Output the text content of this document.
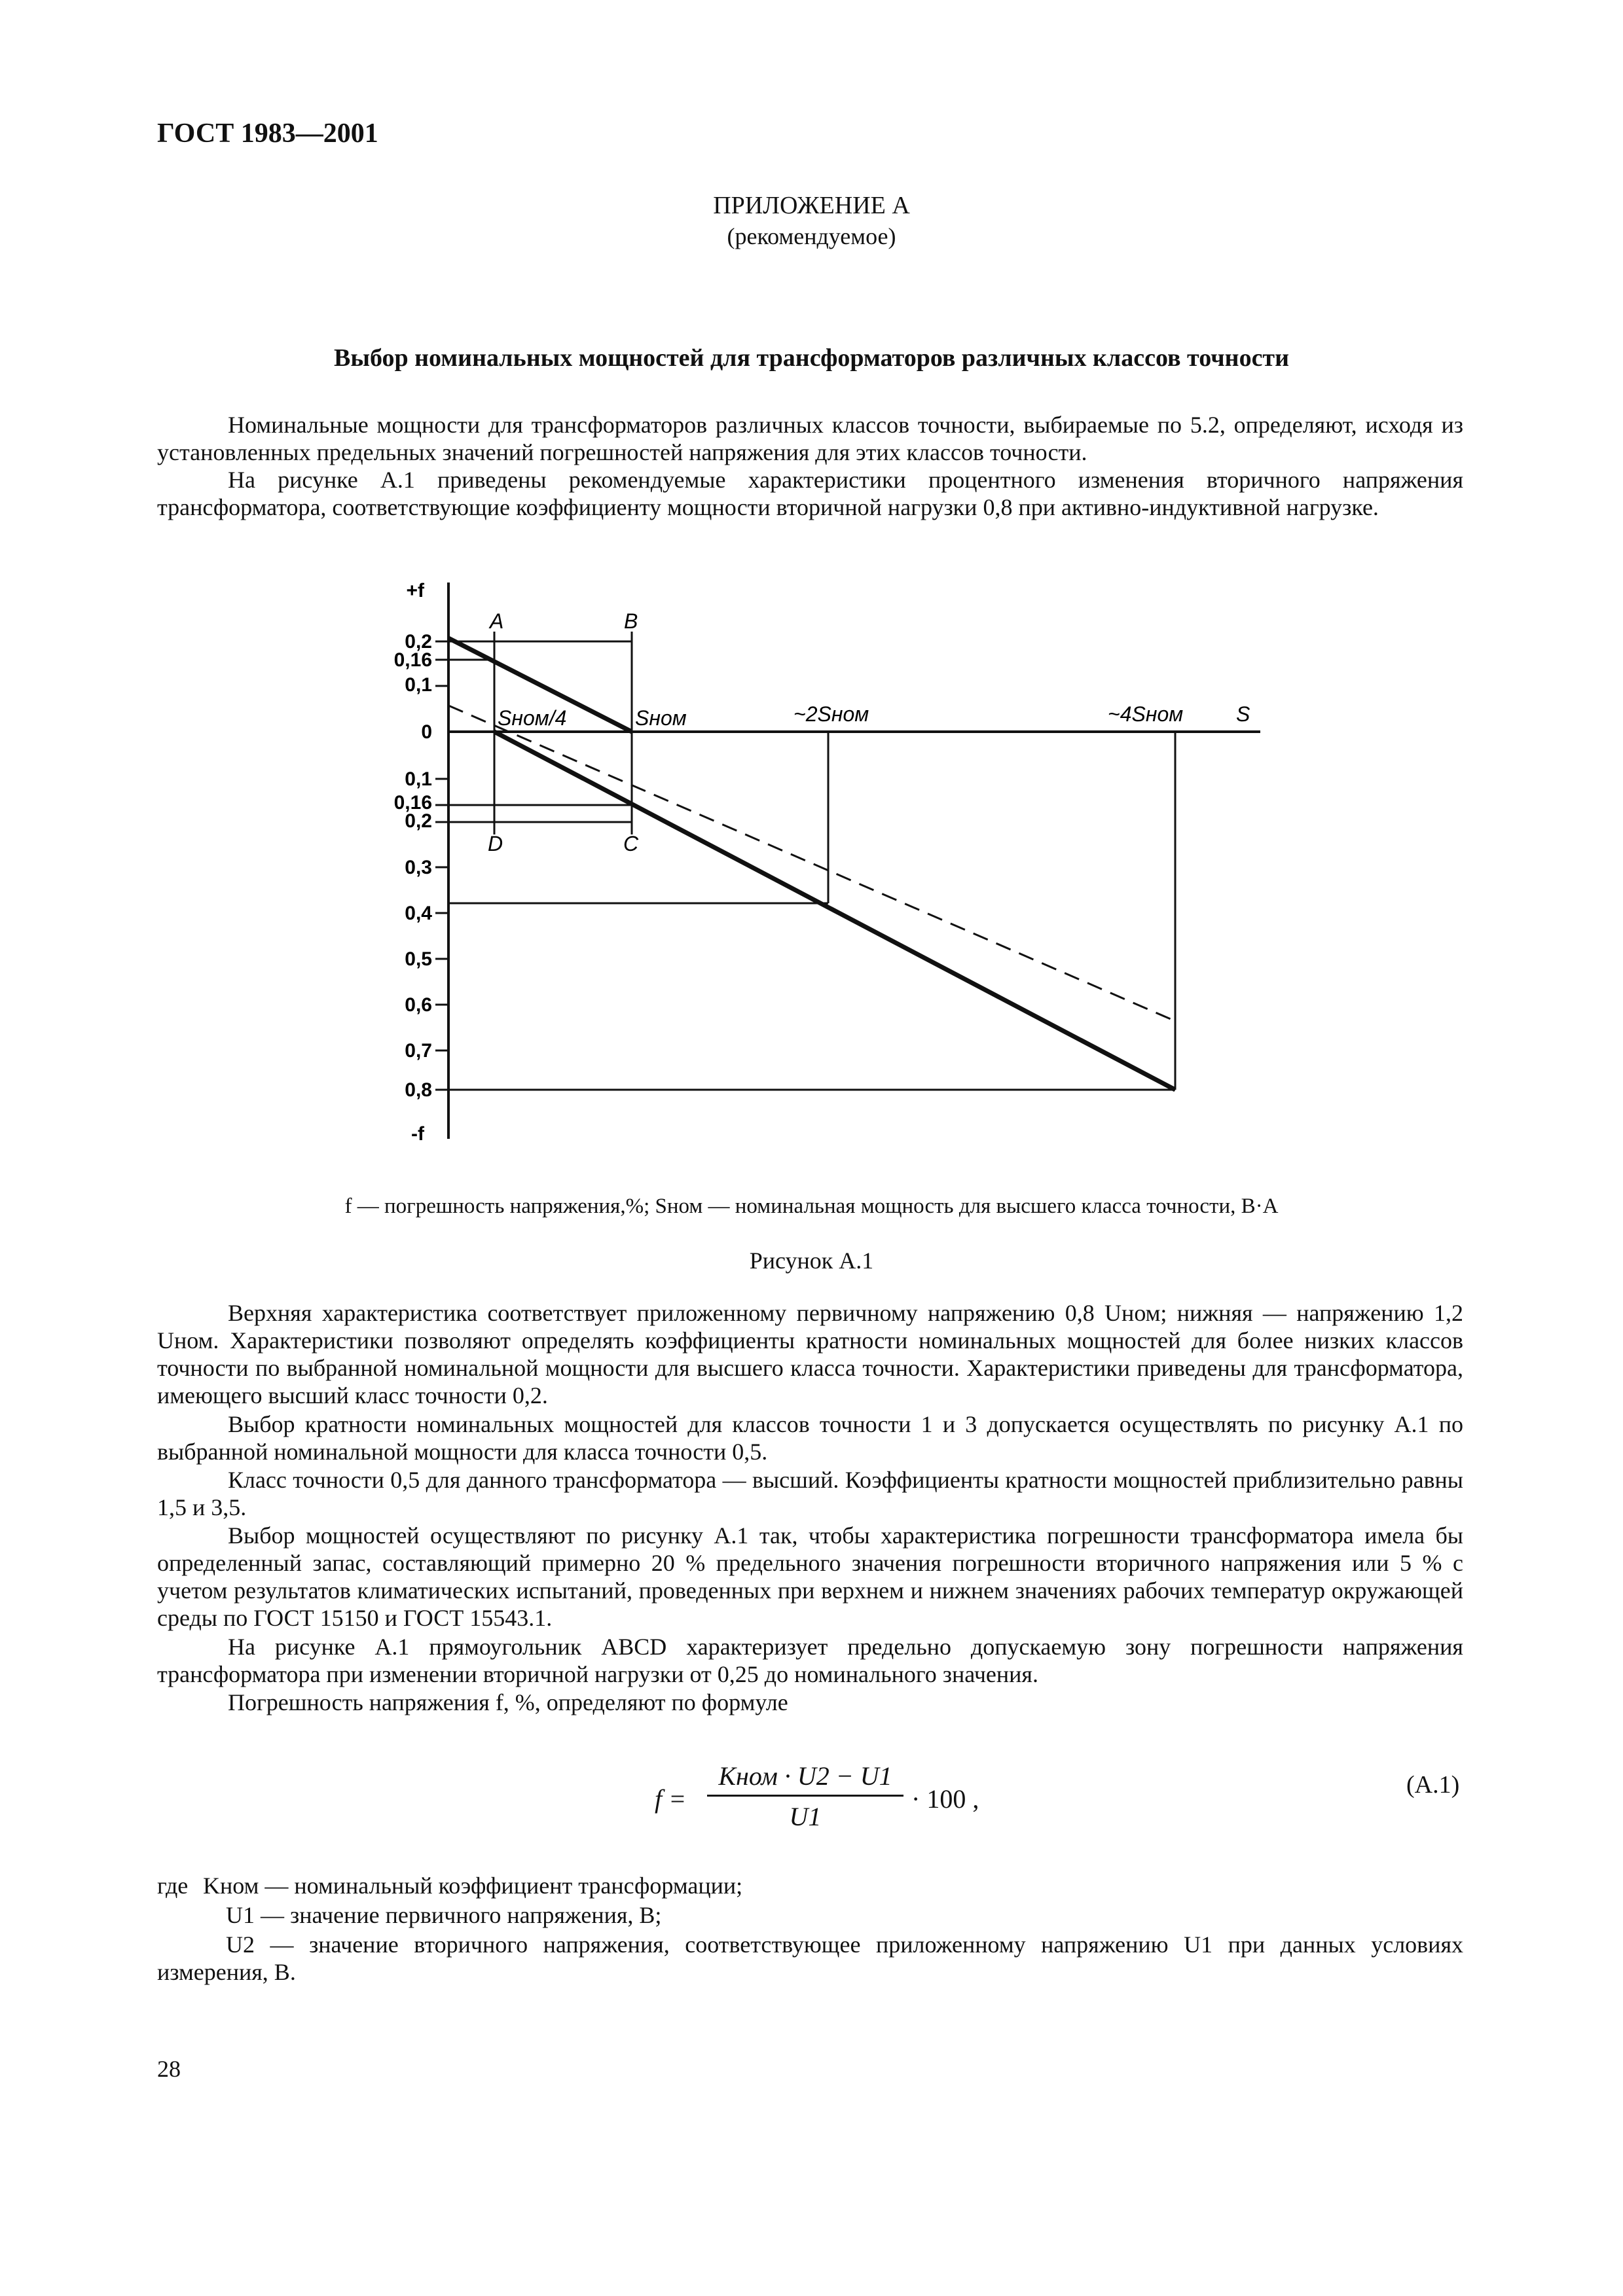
ГОСТ 1983—2001
ПРИЛОЖЕНИЕ А
(рекомендуемое)
Выбор номинальных мощностей для трансформаторов различных классов точности

Номинальные мощности для трансформаторов различных классов точности, выбираемые по 5.2, определяют, исходя из установленных предельных значений погрешностей напряжения для этих классов точности.

На рисунке А.1 приведены рекомендуемые характеристики процентного изменения вторичного напряжения трансформатора, соответствующие коэффициенту мощности вторичной нагрузки 0,8 при активно-индуктивной нагрузке.

+f
0,2
0,16
0,1
0
0,1
0,16
0,2
0,3
0,4
0,5
0,6
0,7
0,8
-f
A	B
D	C
Sном/4	Sном	~2Sном	~4Sном	S
f — погрешность напряжения,%; Sном — номинальная мощность для высшего класса точности, В·А
Рисунок А.1

Верхняя характеристика соответствует приложенному первичному напряжению 0,8 Uном; нижняя — напряжению 1,2 Uном. Характеристики позволяют определять коэффициенты кратности номинальных мощностей для более низких классов точности по выбранной номинальной мощности для высшего класса точности. Характеристики приведены для трансформатора, имеющего высший класс точности 0,2.

Выбор кратности номинальных мощностей для классов точности 1 и 3 допускается осуществлять по рисунку А.1 по выбранной номинальной мощности для класса точности 0,5.

Класс точности 0,5 для данного трансформатора — высший. Коэффициенты кратности мощностей приблизительно равны 1,5 и 3,5.

Выбор мощностей осуществляют по рисунку А.1 так, чтобы характеристика погрешности трансформатора имела бы определенный запас, составляющий примерно 20 % предельного значения погрешности вторичного напряжения или 5 % с учетом результатов климатических испытаний, проведенных при верхнем и нижнем значениях рабочих температур окружающей среды по ГОСТ 15150 и ГОСТ 15543.1.

На рисунке А.1 прямоугольник ABCD характеризует предельно допускаемую зону погрешности напряжения трансформатора при изменении вторичной нагрузки от 0,25 до номинального значения.

Погрешность напряжения f, %, определяют по формуле

f =
Kном · U2 − U1
U1
· 100 ,	(А.1)
где Kном — номинальный коэффициент трансформации;
U1 — значение первичного напряжения, В;
U2 — значение вторичного напряжения, соответствующее приложенному напряжению U1 при данных условиях измерения, В.
28
